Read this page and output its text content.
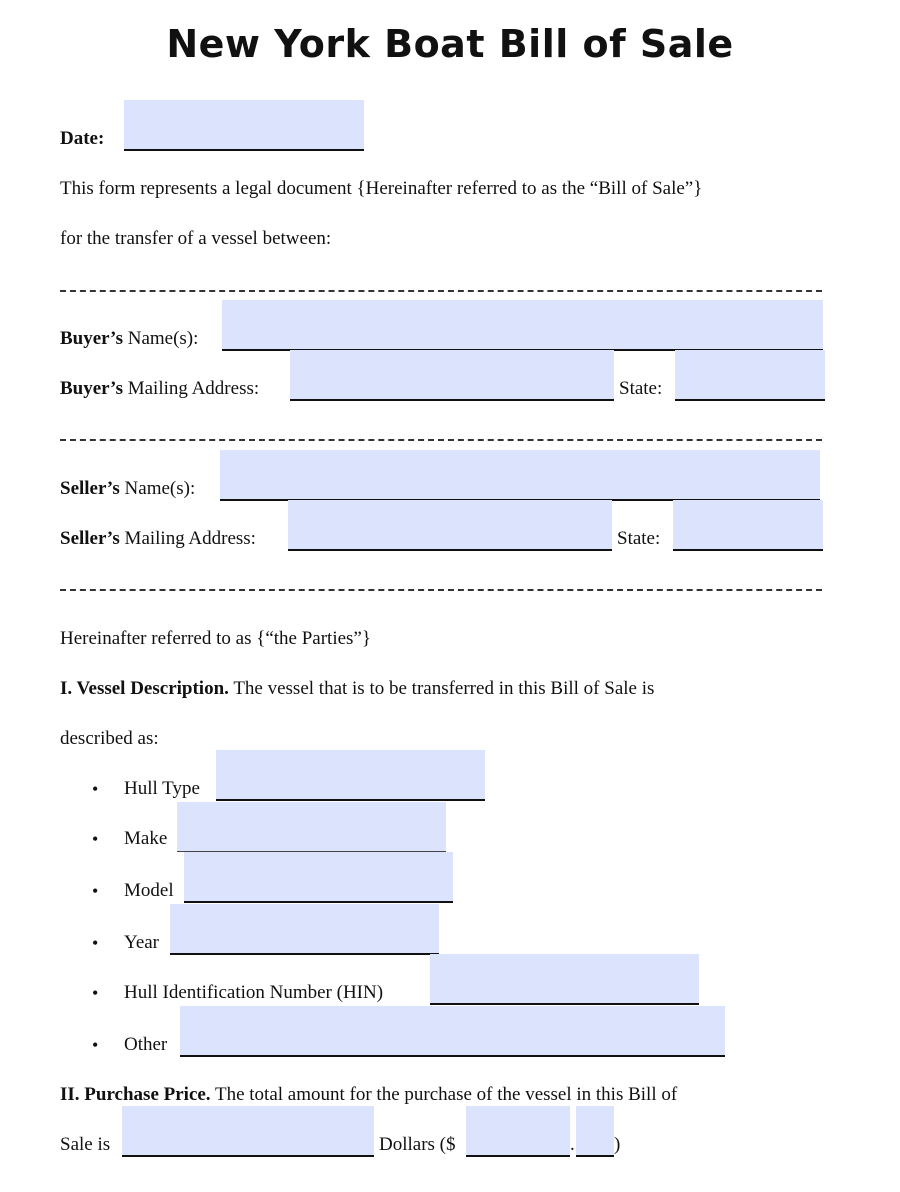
New York Boat Bill of Sale
Date:
This form represents a legal document {Hereinafter referred to as the “Bill of Sale”}
for the transfer of a vessel between:
Buyer’s Name(s):
Buyer’s Mailing Address:	State:
Seller’s Name(s):
Seller’s Mailing Address:	State:
Hereinafter referred to as {“the Parties”}
I. Vessel Description. The vessel that is to be transferred in this Bill of Sale is
described as:
• Hull Type
• Make
• Model
• Year
• Hull Identification Number (HIN)
• Other
II. Purchase Price. The total amount for the purchase of the vessel in this Bill of
Sale is	Dollars ($	. )
